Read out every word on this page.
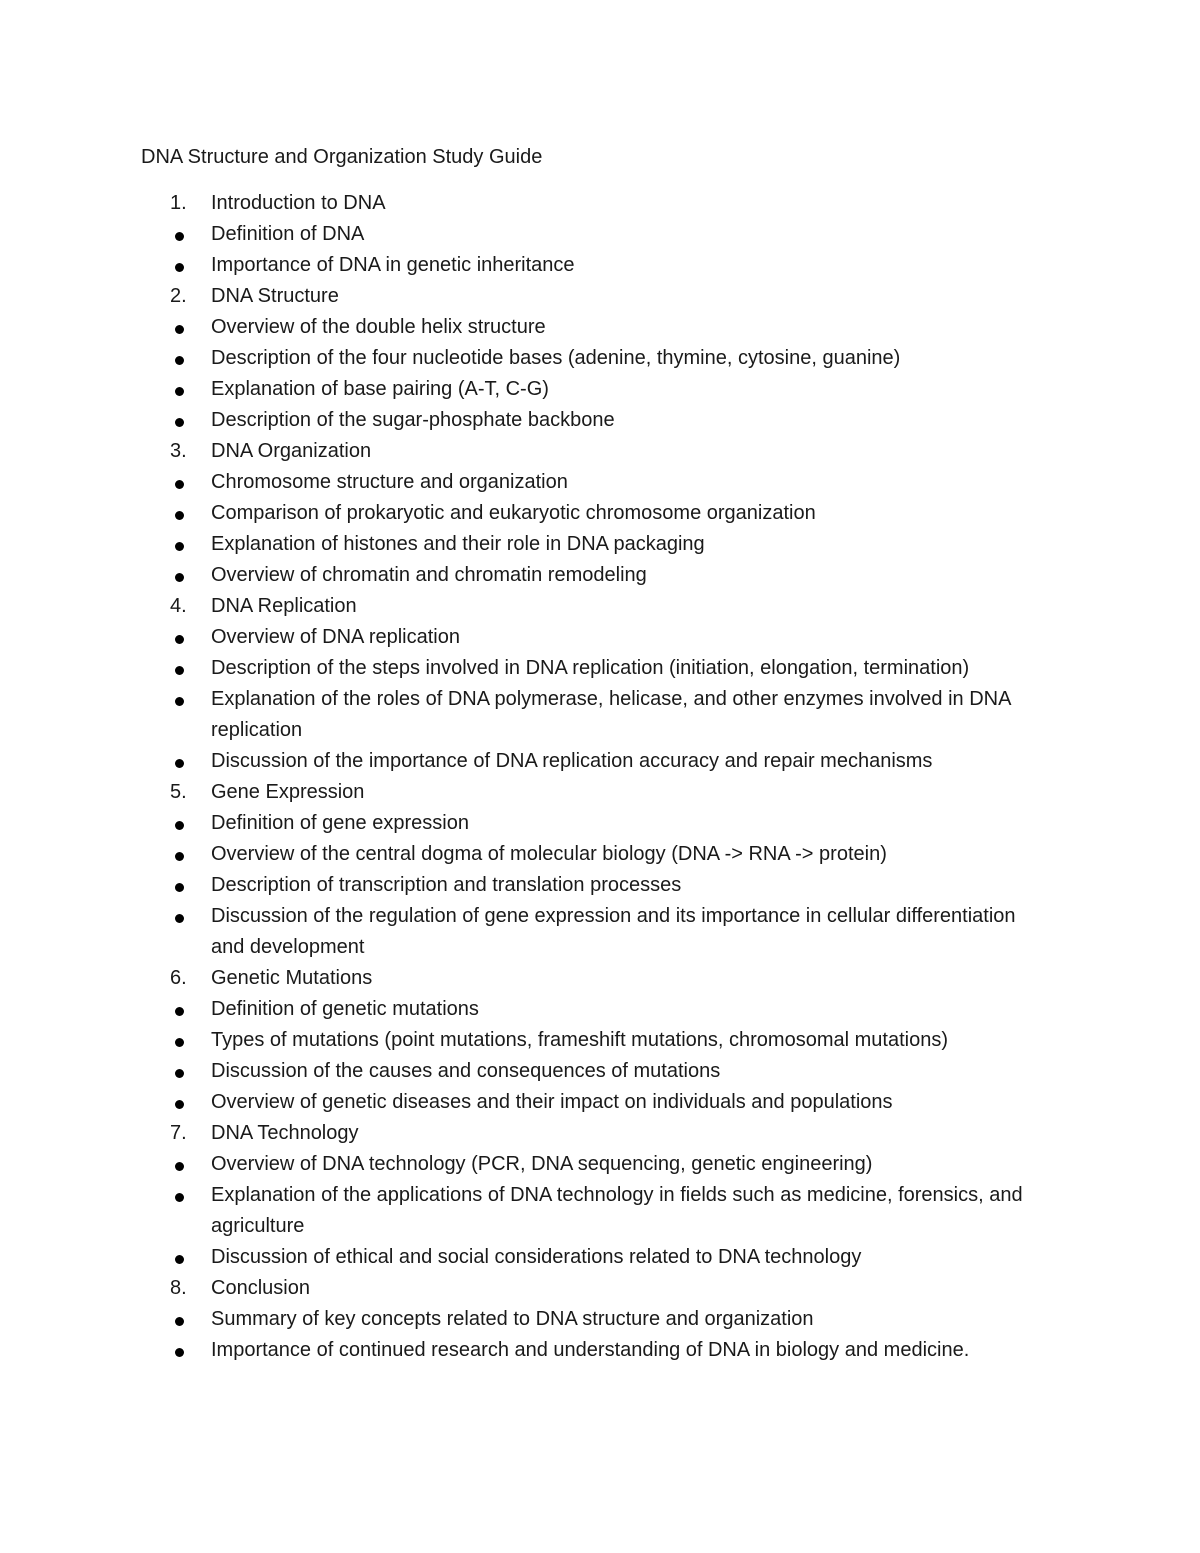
DNA Structure and Organization Study Guide
1.	Introduction to DNA
Definition of DNA
Importance of DNA in genetic inheritance
2.	DNA Structure
Overview of the double helix structure
Description of the four nucleotide bases (adenine, thymine, cytosine, guanine)
Explanation of base pairing (A-T, C-G)
Description of the sugar-phosphate backbone
3.	DNA Organization
Chromosome structure and organization
Comparison of prokaryotic and eukaryotic chromosome organization
Explanation of histones and their role in DNA packaging
Overview of chromatin and chromatin remodeling
4.	DNA Replication
Overview of DNA replication
Description of the steps involved in DNA replication (initiation, elongation, termination)
Explanation of the roles of DNA polymerase, helicase, and other enzymes involved in DNA replication
Discussion of the importance of DNA replication accuracy and repair mechanisms
5.	Gene Expression
Definition of gene expression
Overview of the central dogma of molecular biology (DNA -> RNA -> protein)
Description of transcription and translation processes
Discussion of the regulation of gene expression and its importance in cellular differentiation and development
6.	Genetic Mutations
Definition of genetic mutations
Types of mutations (point mutations, frameshift mutations, chromosomal mutations)
Discussion of the causes and consequences of mutations
Overview of genetic diseases and their impact on individuals and populations
7.	DNA Technology
Overview of DNA technology (PCR, DNA sequencing, genetic engineering)
Explanation of the applications of DNA technology in fields such as medicine, forensics, and agriculture
Discussion of ethical and social considerations related to DNA technology
8.	Conclusion
Summary of key concepts related to DNA structure and organization
Importance of continued research and understanding of DNA in biology and medicine.
